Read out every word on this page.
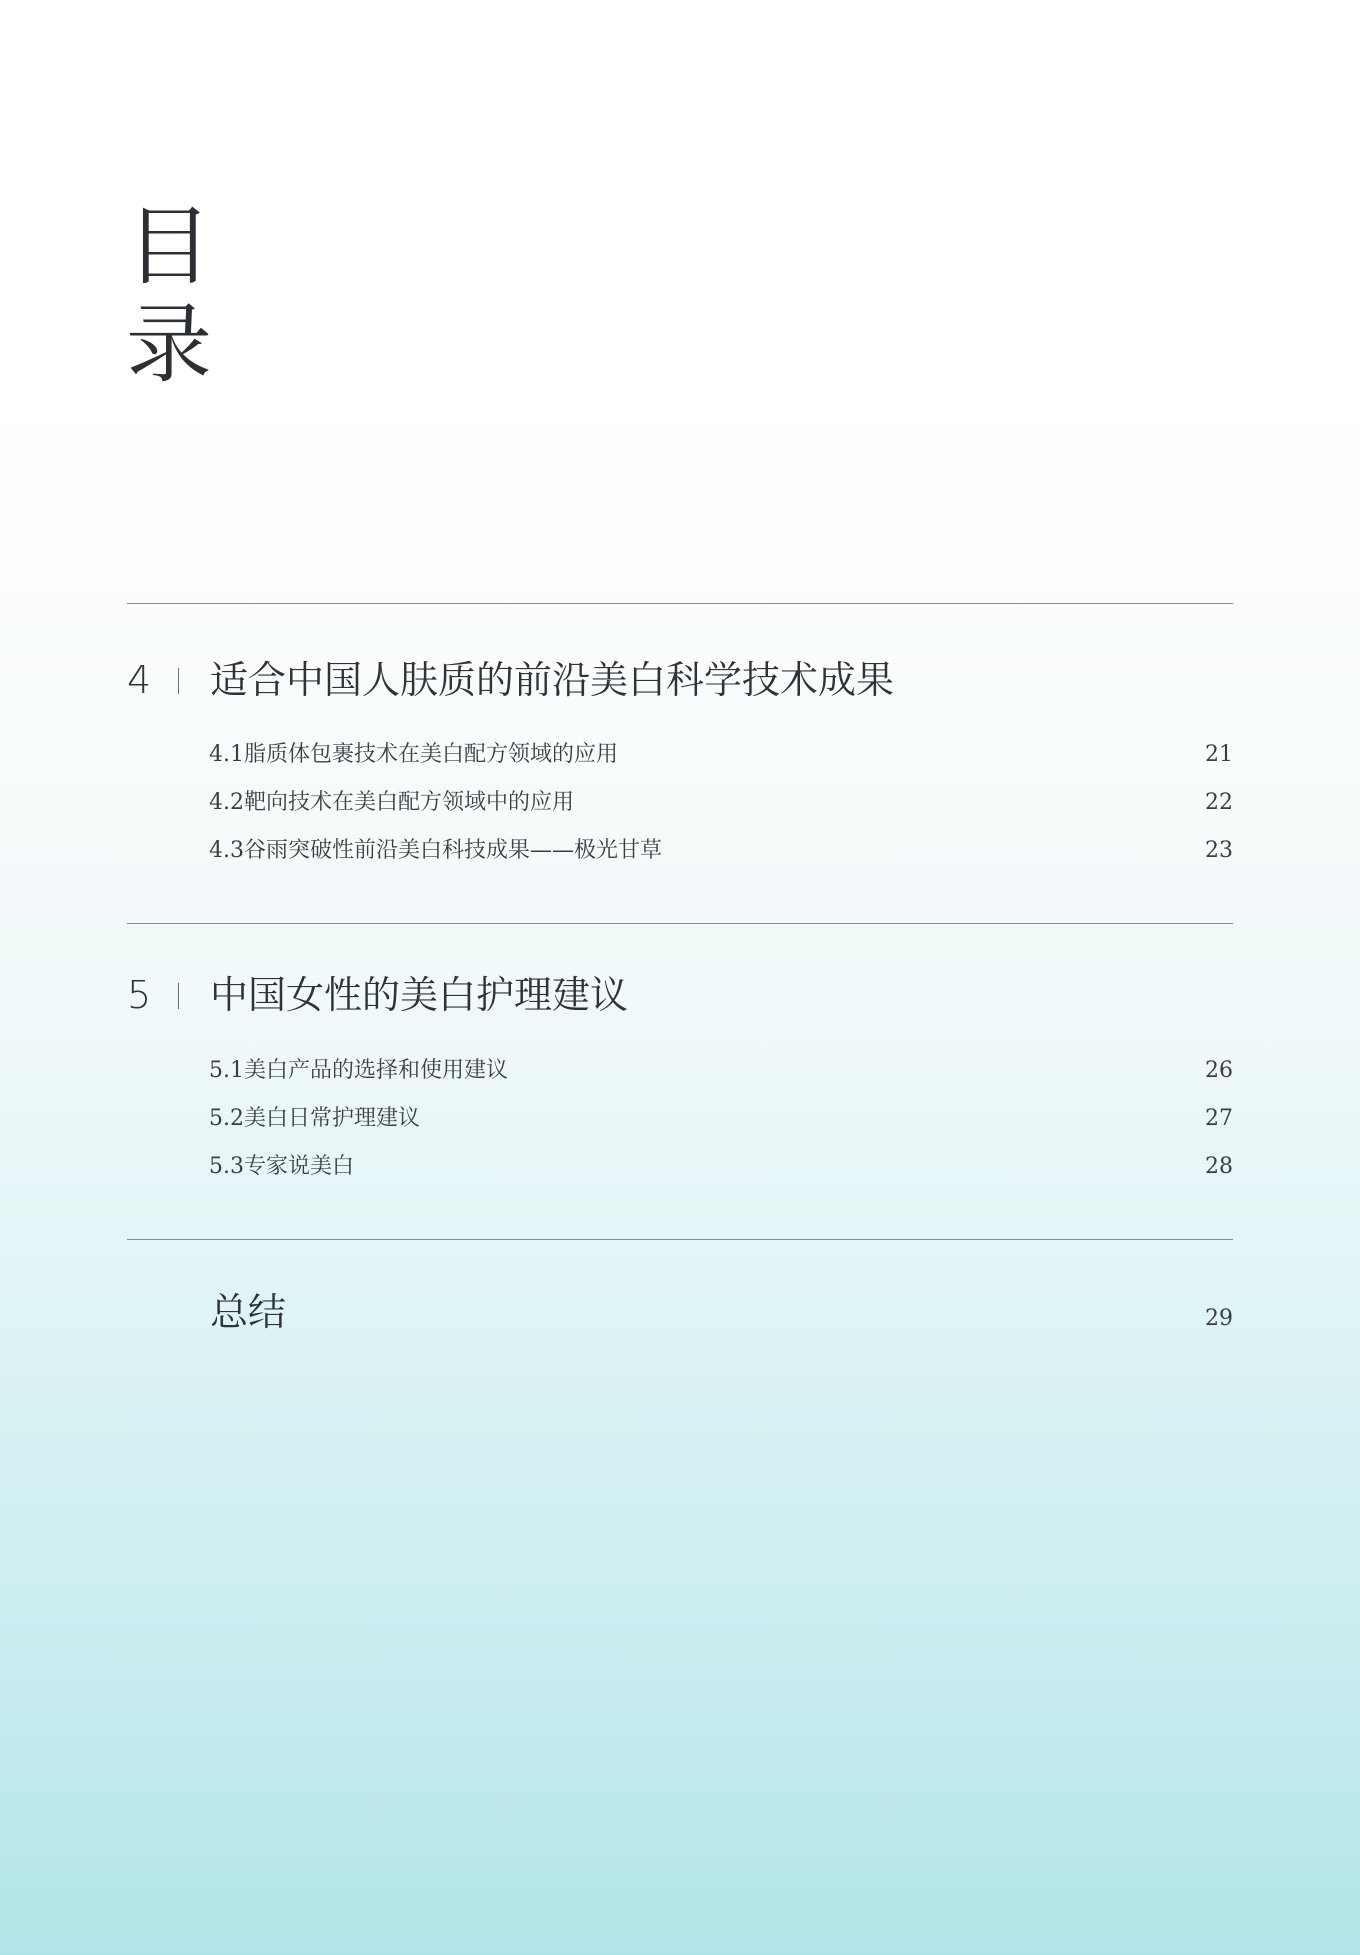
目
录
4 适合中国人肤质的前沿美白科学技术成果
4.1脂质体包裹技术在美白配方领域的应用	21
4.2靶向技术在美白配方领域中的应用	22
4.3谷雨突破性前沿美白科技成果——极光甘草	23
5 中国女性的美白护理建议
5.1美白产品的选择和使用建议	26
5.2美白日常护理建议	27
5.3专家说美白	28
总结	29
